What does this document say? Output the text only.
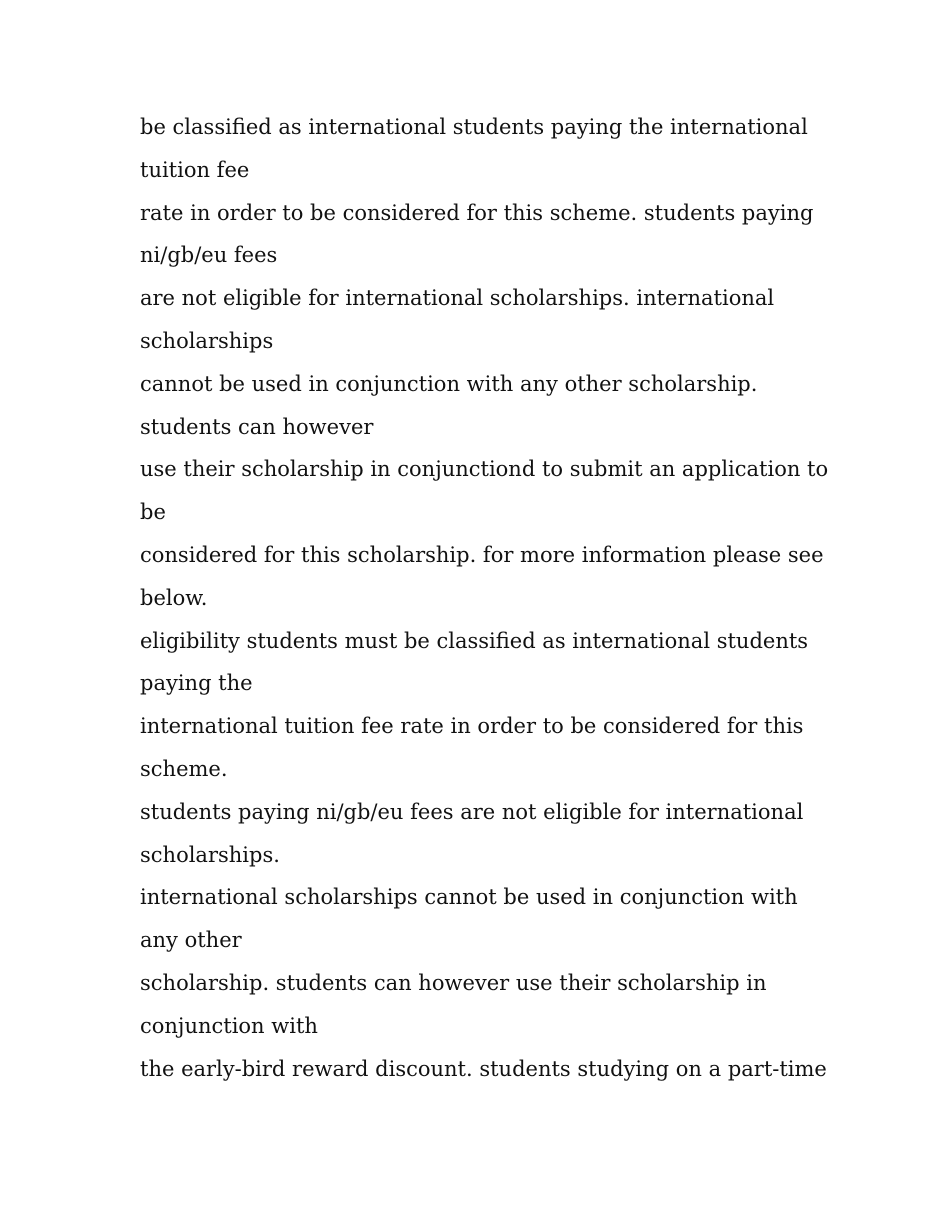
be classified as international students paying the international
tuition fee
rate in order to be considered for this scheme. students paying
ni/gb/eu fees
are not eligible for international scholarships. international
scholarships
cannot be used in conjunction with any other scholarship.
students can however
use their scholarship in conjunctiond to submit an application to
be
considered for this scholarship. for more information please see
below.
eligibility students must be classified as international students
paying the
international tuition fee rate in order to be considered for this
scheme.
students paying ni/gb/eu fees are not eligible for international
scholarships.
international scholarships cannot be used in conjunction with
any other
scholarship. students can however use their scholarship in
conjunction with
the early-bird reward discount. students studying on a part-time
